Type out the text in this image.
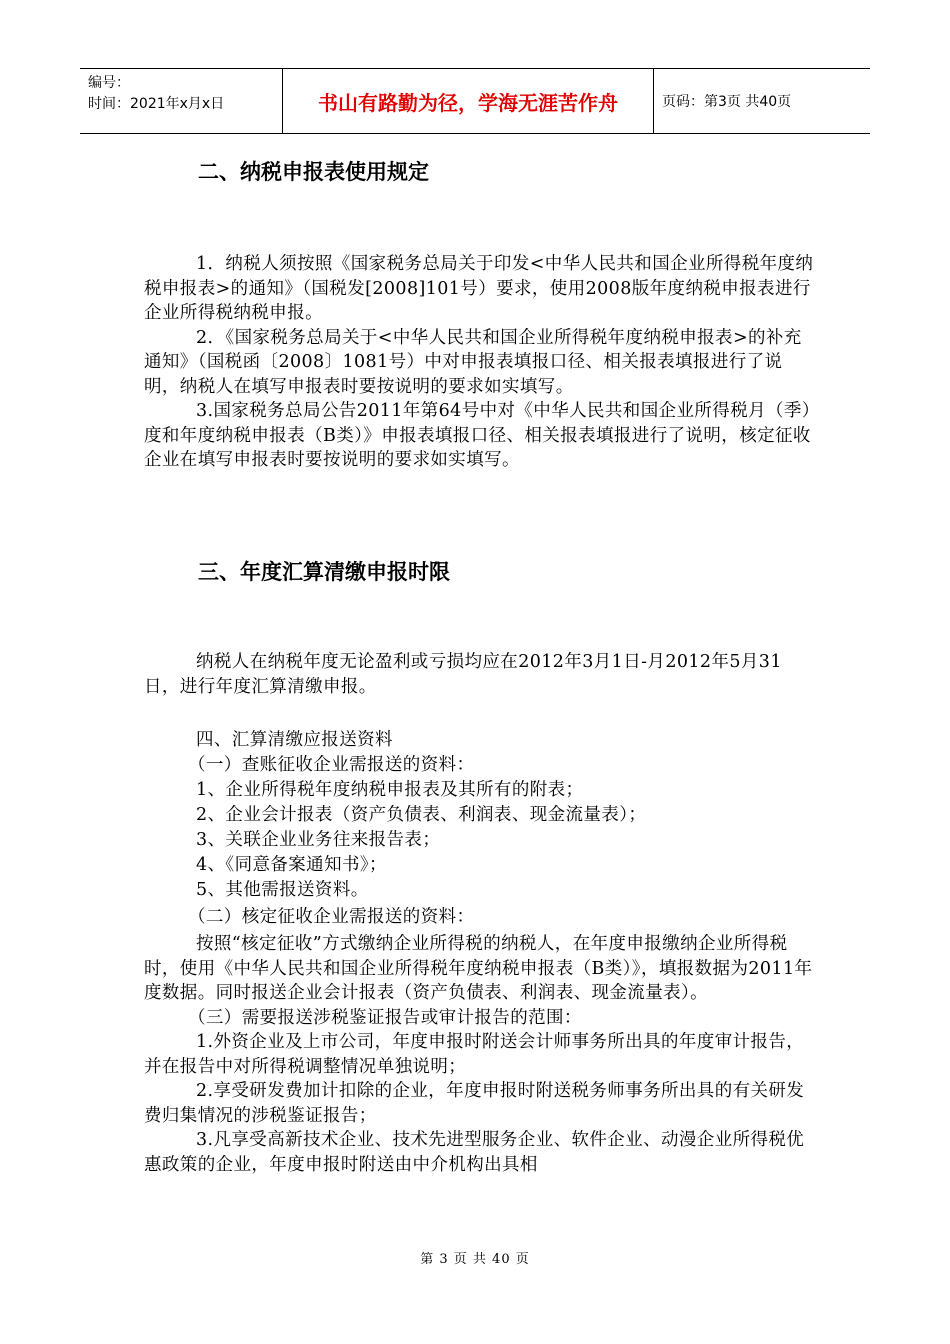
编号：
时间：2021年x月x日	书山有路勤为径，学海无涯苦作舟	页码：第3页 共40页
二、纳税申报表使用规定

1．纳税人须按照《国家税务总局关于印发<中华人民共和国企业所得税年度纳税申报表>的通知》（国税发[2008]101号）要求，使用2008版年度纳税申报表进行企业所得税纳税申报。

2．《国家税务总局关于<中华人民共和国企业所得税年度纳税申报表>的补充通知》（国税函〔2008〕1081号）中对申报表填报口径、相关报表填报进行了说明，纳税人在填写申报表时要按说明的要求如实填写。

3.国家税务总局公告2011年第64号中对《中华人民共和国企业所得税月（季）度和年度纳税申报表（B类）》申报表填报口径、相关报表填报进行了说明，核定征收企业在填写申报表时要按说明的要求如实填写。

三、年度汇算清缴申报时限

纳税人在纳税年度无论盈利或亏损均应在2012年3月1日-月2012年5月31日，进行年度汇算清缴申报。

四、汇算清缴应报送资料
（一）查账征收企业需报送的资料：
1、企业所得税年度纳税申报表及其所有的附表；
2、企业会计报表（资产负债表、利润表、现金流量表）；
3、关联企业业务往来报告表；
4、《同意备案通知书》；
5、其他需报送资料。
（二）核定征收企业需报送的资料：

按照“核定征收”方式缴纳企业所得税的纳税人，在年度申报缴纳企业所得税时，使用《中华人民共和国企业所得税年度纳税申报表（B类）》，填报数据为2011年度数据。同时报送企业会计报表（资产负债表、利润表、现金流量表）。

（三）需要报送涉税鉴证报告或审计报告的范围：

1.外资企业及上市公司，年度申报时附送会计师事务所出具的年度审计报告，并在报告中对所得税调整情况单独说明；

2.享受研发费加计扣除的企业，年度申报时附送税务师事务所出具的有关研发费归集情况的涉税鉴证报告；

3.凡享受高新技术企业、技术先进型服务企业、软件企业、动漫企业所得税优惠政策的企业，年度申报时附送由中介机构出具相

第 3 页 共 40 页
